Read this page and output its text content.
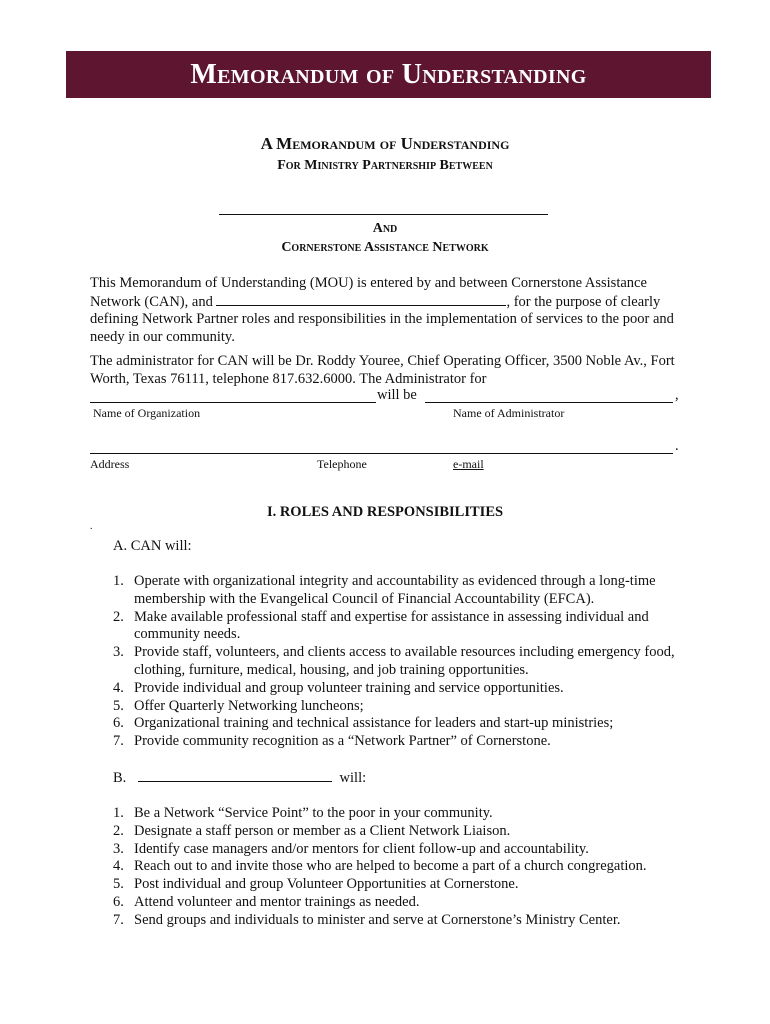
Memorandum of Understanding
A Memorandum of Understanding
For Ministry Partnership Between
And
Cornerstone Assistance Network
This Memorandum of Understanding (MOU) is entered by and between Cornerstone Assistance Network (CAN), and	, for the purpose of clearly defining Network Partner roles and responsibilities in the implementation of services to the poor and needy in our community.
The administrator for CAN will be Dr. Roddy Youree, Chief Operating Officer, 3500 Noble Av., Fort Worth, Texas 76111, telephone 817.632.6000. The Administrator for
will be	,
Name of Organization	Name of Administrator
.
Address	Telephone	e-mail
I. ROLES AND RESPONSIBILITIES
.
A. CAN will:
1. Operate with organizational integrity and accountability as evidenced through a long-time membership with the Evangelical Council of Financial Accountability (EFCA).
2. Make available professional staff and expertise for assistance in assessing individual and community needs.
3. Provide staff, volunteers, and clients access to available resources including emergency food, clothing, furniture, medical, housing, and job training opportunities.
4. Provide individual and group volunteer training and service opportunities.
5. Offer Quarterly Networking luncheons;
6. Organizational training and technical assistance for leaders and start-up ministries;
7. Provide community recognition as a “Network Partner” of Cornerstone.
B.	will:
1. Be a Network “Service Point” to the poor in your community.
2. Designate a staff person or member as a Client Network Liaison.
3. Identify case managers and/or mentors for client follow-up and accountability.
4. Reach out to and invite those who are helped to become a part of a church congregation.
5. Post individual and group Volunteer Opportunities at Cornerstone.
6. Attend volunteer and mentor trainings as needed.
7. Send groups and individuals to minister and serve at Cornerstone’s Ministry Center.
